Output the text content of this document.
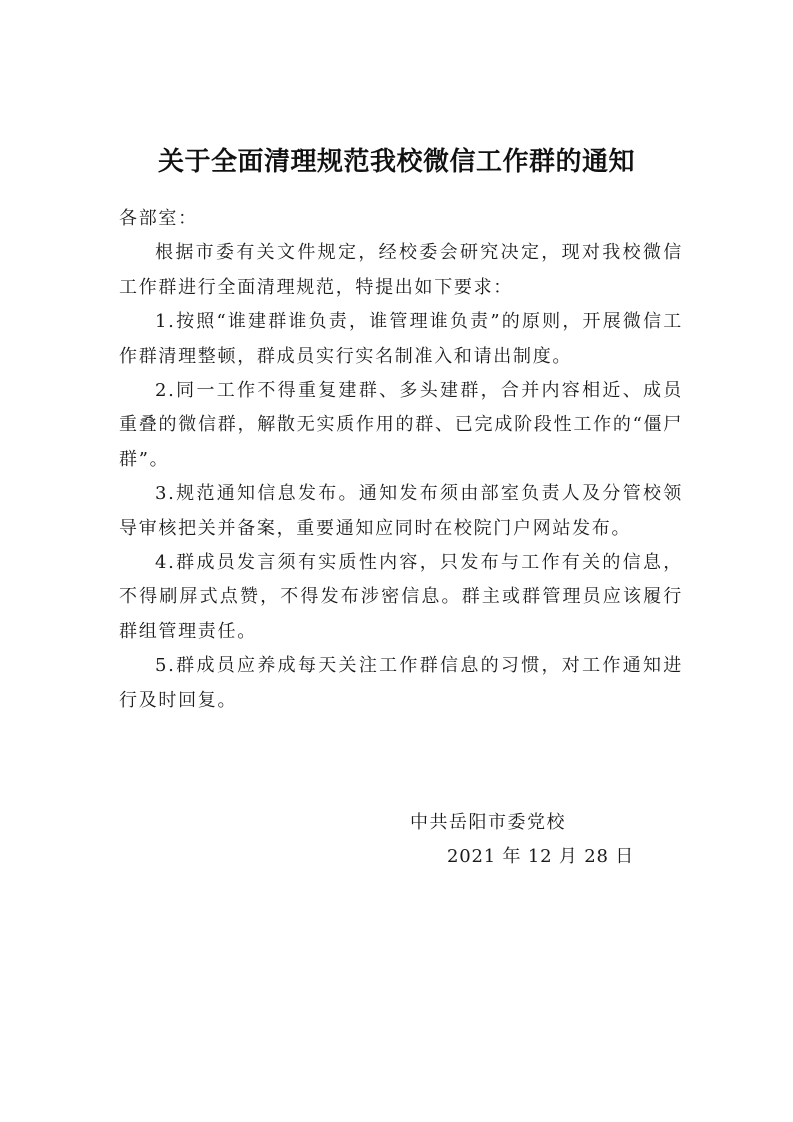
关于全面清理规范我校微信工作群的通知

各部室：

根据市委有关文件规定，经校委会研究决定，现对我校微信工作群进行全面清理规范，特提出如下要求：

1.按照“谁建群谁负责，谁管理谁负责”的原则，开展微信工作群清理整顿，群成员实行实名制准入和请出制度。

2.同一工作不得重复建群、多头建群，合并内容相近、成员重叠的微信群，解散无实质作用的群、已完成阶段性工作的“僵尸群”。

3.规范通知信息发布。通知发布须由部室负责人及分管校领导审核把关并备案，重要通知应同时在校院门户网站发布。

4.群成员发言须有实质性内容，只发布与工作有关的信息，不得刷屏式点赞，不得发布涉密信息。群主或群管理员应该履行群组管理责任。

5.群成员应养成每天关注工作群信息的习惯，对工作通知进行及时回复。

中共岳阳市委党校
2021 年 12 月 28 日
